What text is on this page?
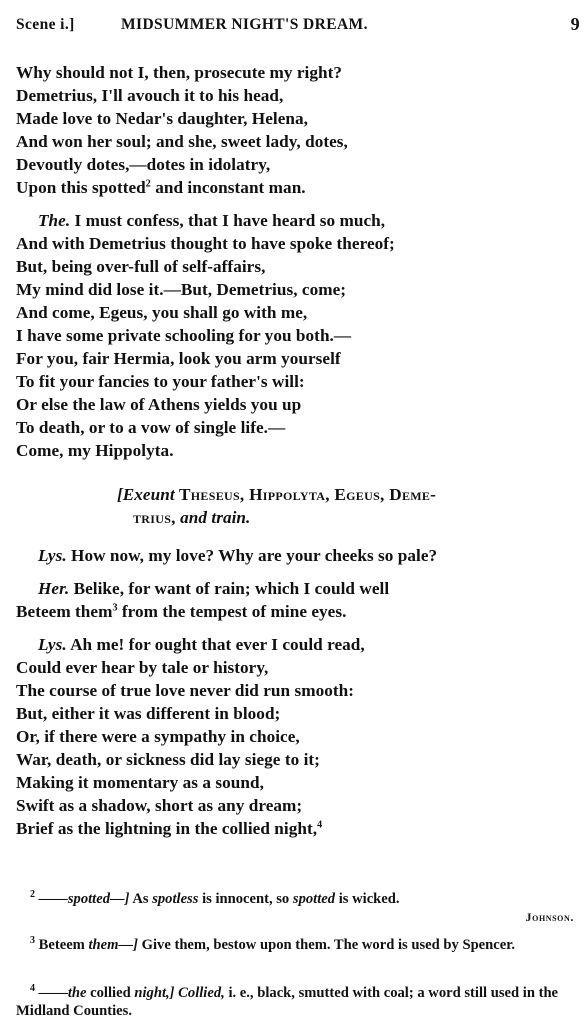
Scene i.]	MIDSUMMER NIGHT'S DREAM.	9
Why should not I, then, prosecute my right?
Demetrius, I'll avouch it to his head,
Made love to Nedar's daughter, Helena,
And won her soul; and she, sweet lady, dotes,
Devoutly dotes,—dotes in idolatry,
Upon this spotted$^2$ and inconstant man.
The. I must confess, that I have heard so much,
And with Demetrius thought to have spoke thereof;
But, being over-full of self-affairs,
My mind did lose it.—But, Demetrius, come;
And come, Egeus, you shall go with me,
I have some private schooling for you both.—
For you, fair Hermia, look you arm yourself
To fit your fancies to your father's will:
Or else the law of Athens yields you up
To death, or to a vow of single life.—
Come, my Hippolyta.
[Exeunt Theseus, Hippolyta, Egeus, Deme-
trius, and train.
Lys. How now, my love? Why are your cheeks so pale?
Her. Belike, for want of rain; which I could well
Beteem them$^3$ from the tempest of mine eyes.
Lys. Ah me! for ought that ever I could read,
Could ever hear by tale or history,
The course of true love never did run smooth:
But, either it was different in blood;
Or, if there were a sympathy in choice,
War, death, or sickness did lay siege to it;
Making it momentary as a sound,
Swift as a shadow, short as any dream;
Brief as the lightning in the collied night,$^4$
$^2$ ——spotted—] As spotless is innocent, so spotted is wicked.
Johnson.
$^3$ Beteem them—] Give them, bestow upon them. The word is used by Spencer.
$^4$ ——the collied night,] Collied, i. e., black, smutted with coal; a word still used in the Midland Counties.
